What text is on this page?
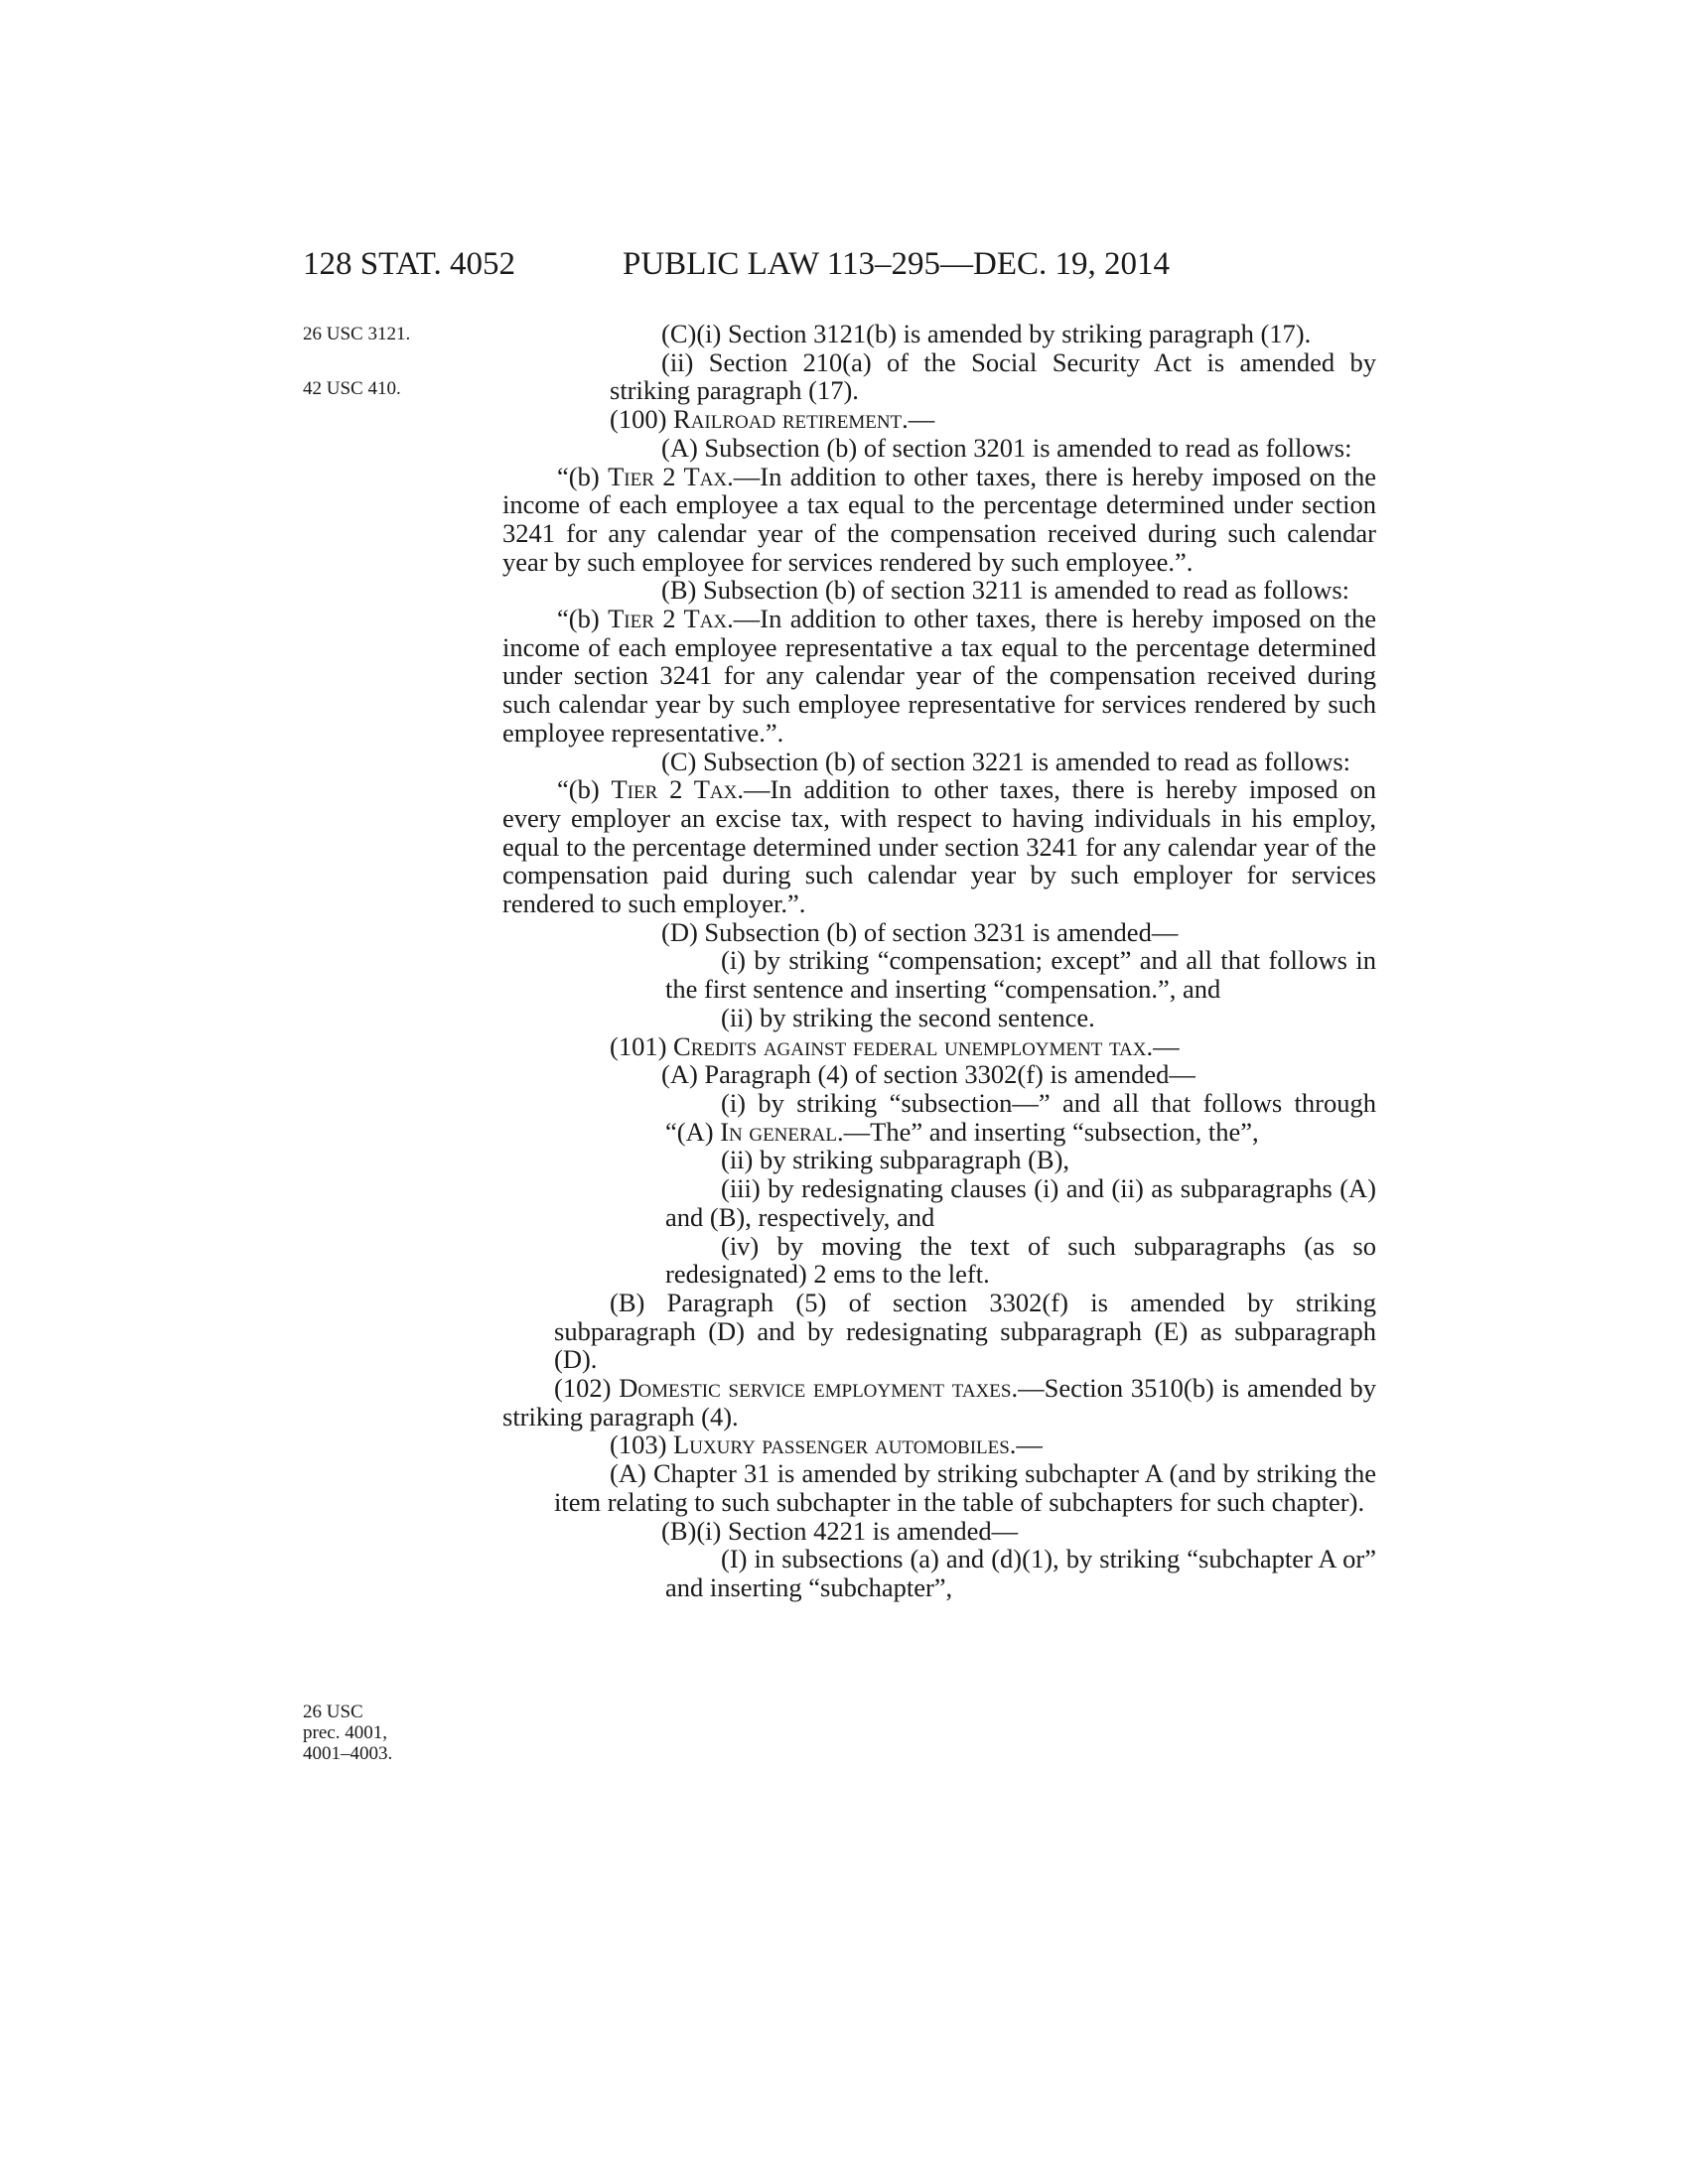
128 STAT. 4052	PUBLIC LAW 113–295—DEC. 19, 2014
26 USC 3121.
42 USC 410.
26 USC
prec. 4001,
4001–4003.

(C)(i) Section 3121(b) is amended by striking paragraph (17).

(ii) Section 210(a) of the Social Security Act is amended by striking paragraph (17).

(100) Railroad retirement.—

(A) Subsection (b) of section 3201 is amended to read as follows:

“(b) Tier 2 Tax.—In addition to other taxes, there is hereby imposed on the income of each employee a tax equal to the percentage determined under section 3241 for any calendar year of the compensation received during such calendar year by such employee for services rendered by such employee.”.

(B) Subsection (b) of section 3211 is amended to read as follows:

“(b) Tier 2 Tax.—In addition to other taxes, there is hereby imposed on the income of each employee representative a tax equal to the percentage determined under section 3241 for any calendar year of the compensation received during such calendar year by such employee representative for services rendered by such employee representative.”.

(C) Subsection (b) of section 3221 is amended to read as follows:

“(b) Tier 2 Tax.—In addition to other taxes, there is hereby imposed on every employer an excise tax, with respect to having individuals in his employ, equal to the percentage determined under section 3241 for any calendar year of the compensation paid during such calendar year by such employer for services rendered to such employer.”.

(D) Subsection (b) of section 3231 is amended—

(i) by striking “compensation; except” and all that follows in the first sentence and inserting “compensation.”, and

(ii) by striking the second sentence.

(101) Credits against federal unemployment tax.—

(A) Paragraph (4) of section 3302(f) is amended—

(i) by striking “subsection—” and all that follows through “(A) In general.—The” and inserting “subsection, the”,

(ii) by striking subparagraph (B),

(iii) by redesignating clauses (i) and (ii) as subparagraphs (A) and (B), respectively, and

(iv) by moving the text of such subparagraphs (as so redesignated) 2 ems to the left.

(B) Paragraph (5) of section 3302(f) is amended by striking subparagraph (D) and by redesignating subparagraph (E) as subparagraph (D).

(102) Domestic service employment taxes.—Section 3510(b) is amended by striking paragraph (4).

(103) Luxury passenger automobiles.—

(A) Chapter 31 is amended by striking subchapter A (and by striking the item relating to such subchapter in the table of subchapters for such chapter).

(B)(i) Section 4221 is amended—

(I) in subsections (a) and (d)(1), by striking “subchapter A or” and inserting “subchapter”,
